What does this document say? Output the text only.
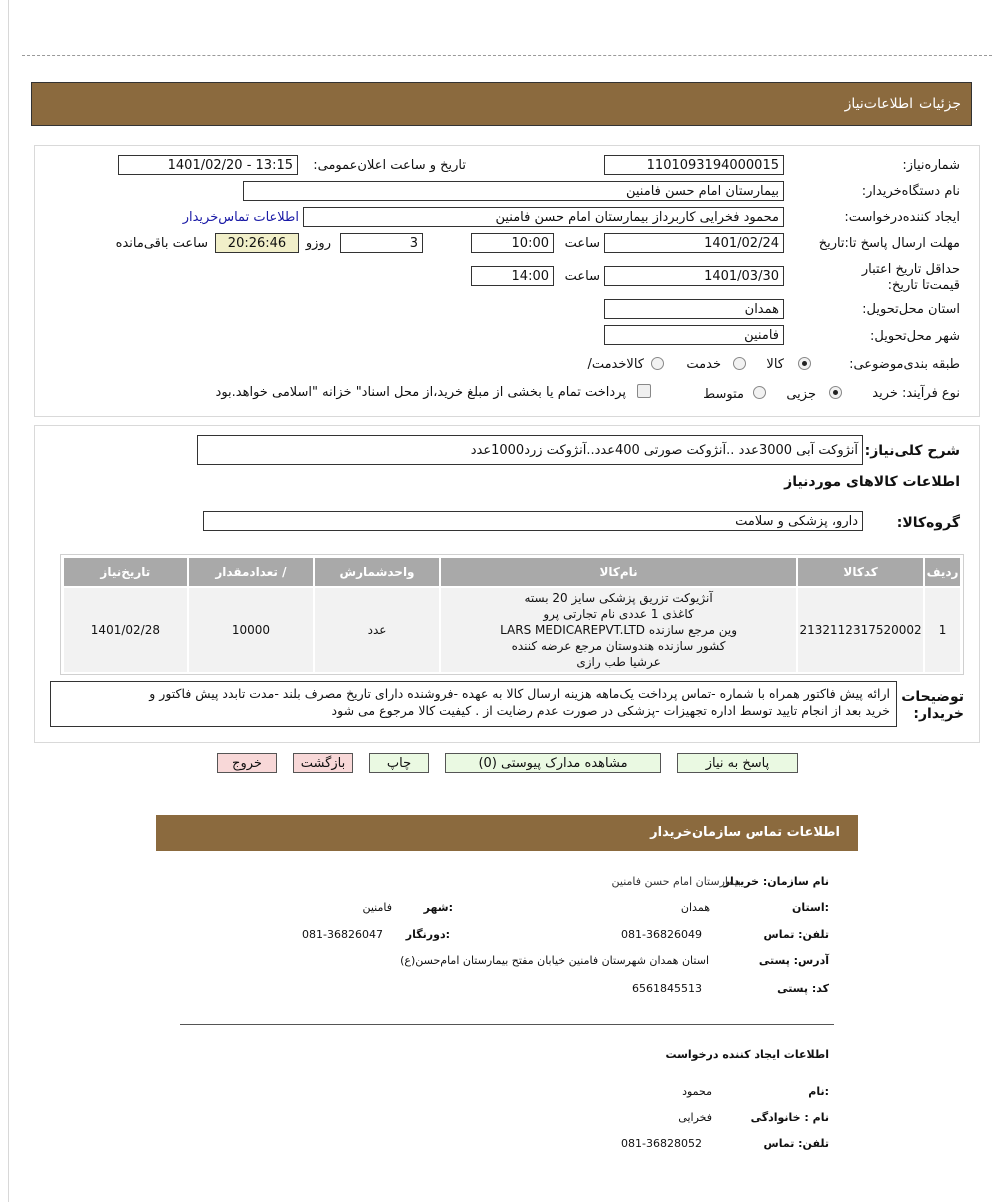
جزئیات
اطلاعات‌نیاز
شماره‌نیاز:
1101093194000015
تاریخ و ساعت اعلان‌عمومی:
1401/02/20 - 13:15
نام دستگاه‌خریدار:
بیمارستان امام حسن فامنین
ایجاد کننده‌درخواست:
محمود فخرایی کاربرداز بیمارستان امام حسن فامنین
اطلاعات تماس‌خریدار
مهلت ارسال پاسخ تا:تاریخ
1401/02/24
ساعت
10:00
3
روزو
20:26:46
ساعت باقی‌مانده
حداقل تاریخ اعتبار قیمت‌تا تاریخ:
1401/03/30
ساعت
14:00
استان محل‌تحویل:
همدان
شهر محل‌تحویل:
فامنین
طبقه بندی‌موضوعی:
کالا
خدمت
کالا‌خدمت/
نوع فرآیند: خرید
جزیی
متوسط
پرداخت تمام یا بخشی از مبلغ خرید،از محل اسناد" خزانه "اسلامی خواهد.بود
شرح کلی‌نیاز:
آنژوکت آبی 3000عدد ..آنژوکت صورتی 400عدد..آنژوکت زرد1000عدد
اطلاعات کالاهای موردنیاز
گروه‌کالا:
دارو، پزشکی و سلامت
ردیف	کدکالا	نام‌کالا	واحدشمارش	/ تعدادمقدار	تاریخ‌نیاز
1	2132112317520002	آنژیوکت تزریق پزشکی سایز 20 بسته
کاغذی 1 عددی نام تجارتی پرو
وین مرجع سازنده LARS MEDICAREPVT.LTD
کشور سازنده هندوستان مرجع عرضه کننده
عرشیا طب رازی	عدد	10000	1401/02/28
توضیحات
خریدار:
ارائه پیش فاکتور همراه با شماره -تماس پرداخت یک‌ماهه هزینه ارسال کالا به عهده -فروشنده دارای تاریخ مصرف بلند -مدت تابدد پیش فاکتور و
خرید بعد از انجام تایید توسط اداره تجهیزات -پزشکی در صورت عدم رضایت از . کیفیت کالا مرجوع می شود
پاسخ به نیاز
مشاهده مدارک پیوستی (0)
چاپ
بازگشت
خروج
اطلاعات تماس سازمان‌خریدار
نام سازمان: خریدار
بیمارستان امام حسن فامنین
:استان
همدان
:شهر
فامنین
تلفن: تماس
081-36826049
:دورنگار
081-36826047
آدرس: پستی
استان همدان شهرستان فامنین خیابان مفتح بیمارستان امام‌حسن(ع)
کد: پستی
6561845513
اطلاعات ایجاد کننده درخواست
:نام
محمود
نام : خانوادگی
فخرایی
تلفن: تماس
081-36828052
